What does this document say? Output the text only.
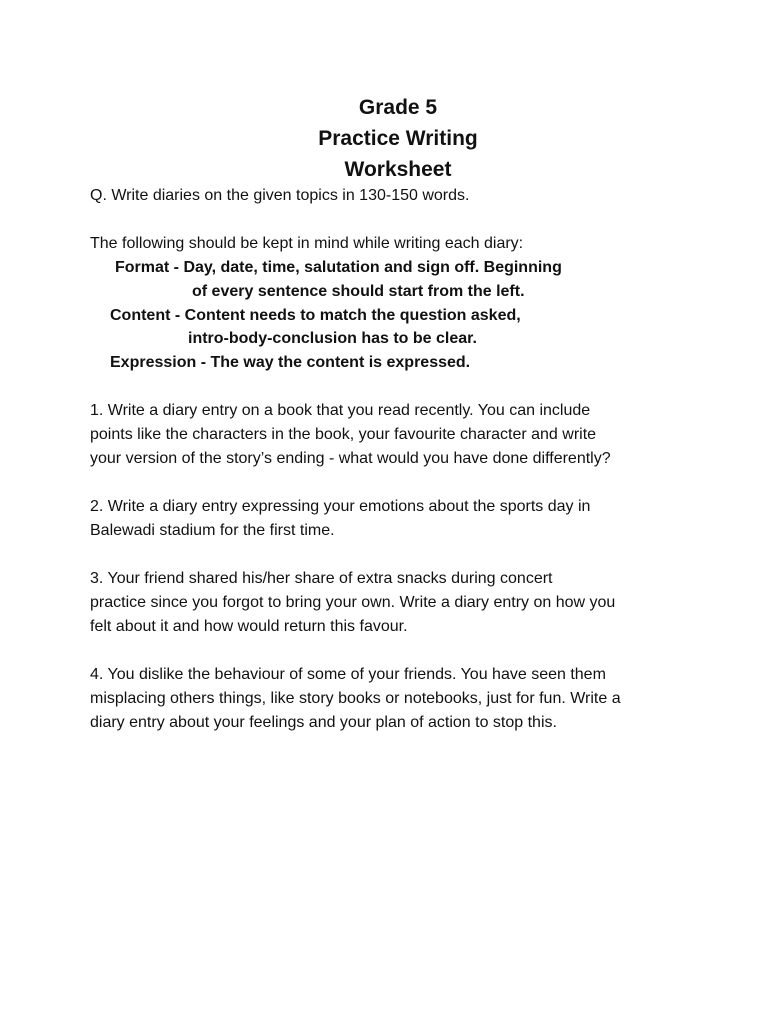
Grade 5
Practice Writing
Worksheet
Q. Write diaries on the given topics in 130-150 words.
The following should be kept in mind while writing each diary:
Format - Day, date, time, salutation and sign off. Beginning
of every sentence should start from the left.
Content - Content needs to match the question asked,
intro-body-conclusion has to be clear.
Expression - The way the content is expressed.
1. Write a diary entry on a book that you read recently. You can include
points like the characters in the book, your favourite character and write
your version of the story’s ending - what would you have done differently?
2. Write a diary entry expressing your emotions about the sports day in
Balewadi stadium for the first time.
3. Your friend shared his/her share of extra snacks during concert
practice since you forgot to bring your own. Write a diary entry on how you
felt about it and how would return this favour.
4. You dislike the behaviour of some of your friends. You have seen them
misplacing others things, like story books or notebooks, just for fun. Write a
diary entry about your feelings and your plan of action to stop this.
